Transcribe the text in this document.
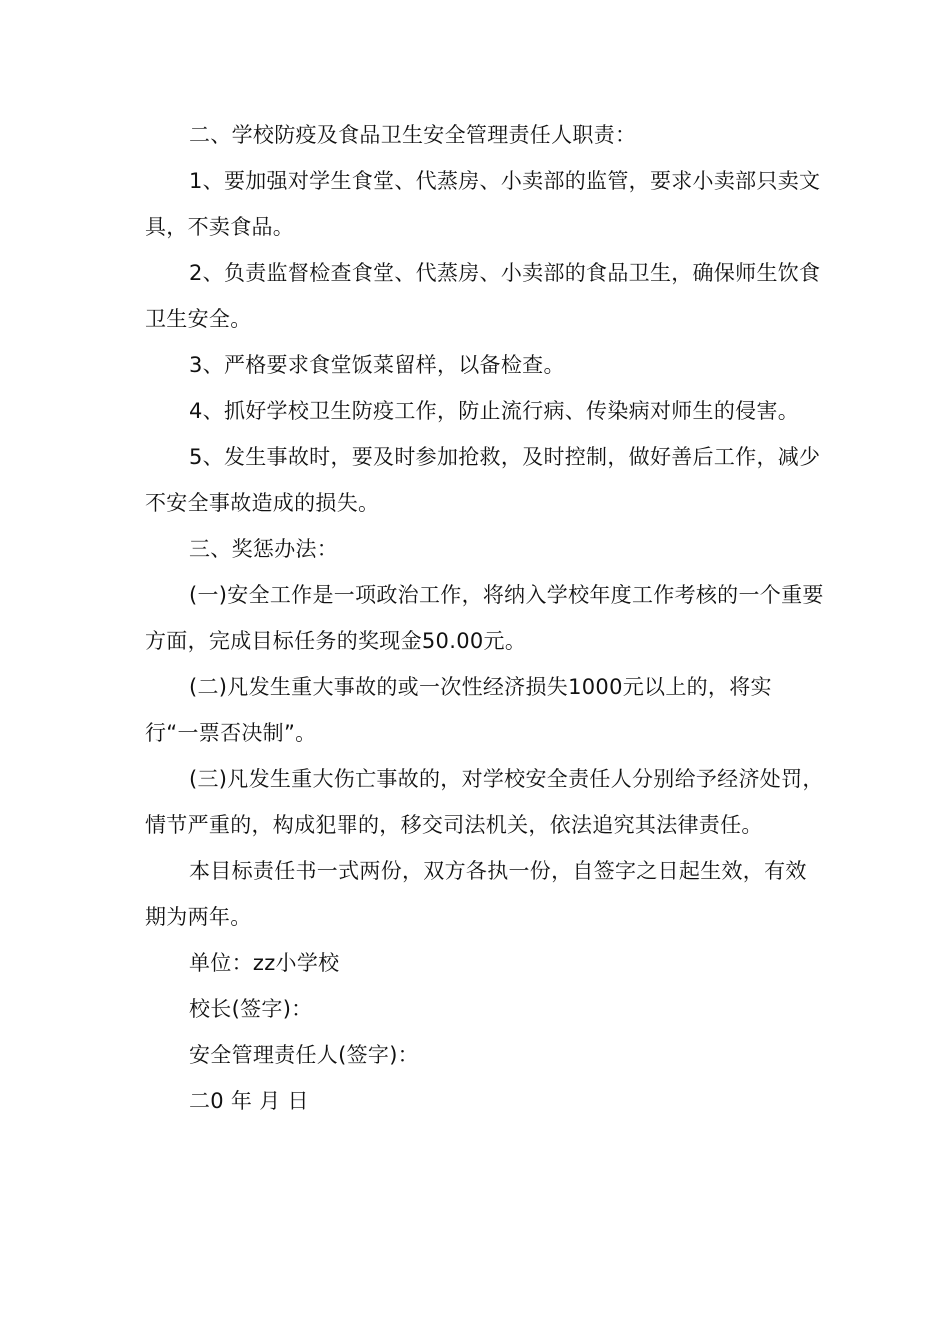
二、学校防疫及食品卫生安全管理责任人职责：

1、要加强对学生食堂、代蒸房、小卖部的监管，要求小卖部只卖文具，不卖食品。

2、负责监督检查食堂、代蒸房、小卖部的食品卫生，确保师生饮食卫生安全。

3、严格要求食堂饭菜留样，以备检查。

4、抓好学校卫生防疫工作，防止流行病、传染病对师生的侵害。

5、发生事故时，要及时参加抢救，及时控制，做好善后工作，减少不安全事故造成的损失。

三、奖惩办法：

(一)安全工作是一项政治工作，将纳入学校年度工作考核的一个重要方面，完成目标任务的奖现金50.00元。

(二)凡发生重大事故的或一次性经济损失1000元以上的，将实行“一票否决制”。

(三)凡发生重大伤亡事故的，对学校安全责任人分别给予经济处罚，情节严重的，构成犯罪的，移交司法机关，依法追究其法律责任。

本目标责任书一式两份，双方各执一份，自签字之日起生效，有效期为两年。

单位：zz小学校

校长(签字)：

安全管理责任人(签字)：

二0 年 月 日
